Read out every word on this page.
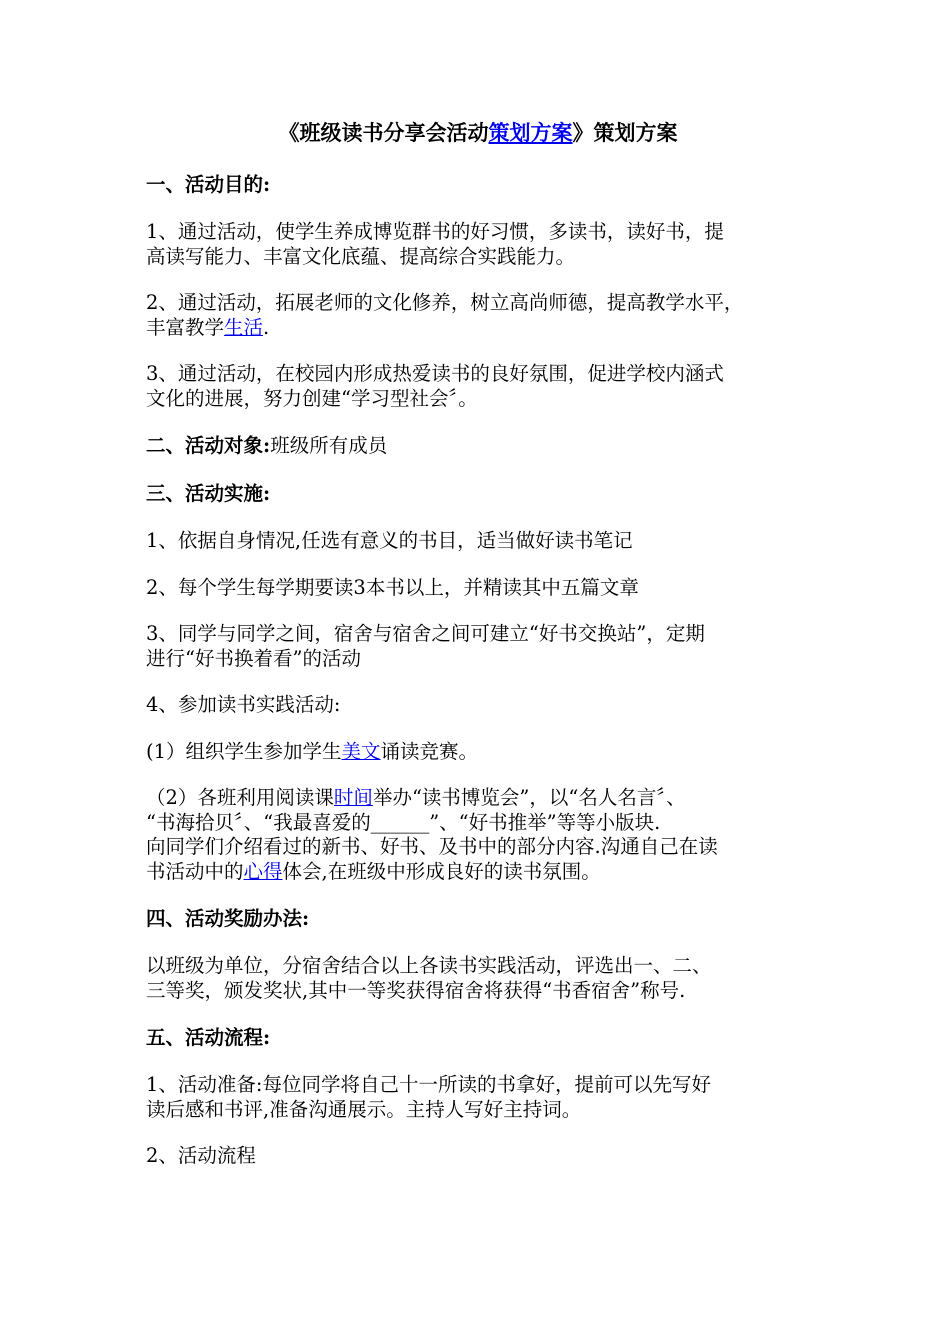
《班级读书分享会活动策划方案》策划方案
一、活动目的:
1、通过活动，使学生养成博览群书的好习惯，多读书，读好书，提
高读写能力、丰富文化底蕴、提高综合实践能力。
2、通过活动，拓展老师的文化修养，树立高尚师德，提高教学水平，
丰富教学生活.
3、通过活动，在校园内形成热爱读书的良好氛围，促进学校内涵式
文化的进展，努力创建“学习型社会〞。
二、活动对象:班级所有成员
三、活动实施:
1、依据自身情况,任选有意义的书目，适当做好读书笔记
2、每个学生每学期要读3本书以上，并精读其中五篇文章
3、同学与同学之间，宿舍与宿舍之间可建立“好书交换站”，定期
进行“好书换着看”的活动
4、参加读书实践活动:
(1）组织学生参加学生美文诵读竞赛。
（2）各班利用阅读课时间举办“读书博览会”，以“名人名言〞、
“书海拾贝〞、“我最喜爱的______”、“好书推举”等等小版块.
向同学们介绍看过的新书、好书、及书中的部分内容.沟通自己在读
书活动中的心得体会,在班级中形成良好的读书氛围。
四、活动奖励办法:
以班级为单位，分宿舍结合以上各读书实践活动，评选出一、二、
三等奖，颁发奖状,其中一等奖获得宿舍将获得“书香宿舍”称号.
五、活动流程:
1、活动准备:每位同学将自己十一所读的书拿好，提前可以先写好
读后感和书评,准备沟通展示。主持人写好主持词。
2、活动流程
